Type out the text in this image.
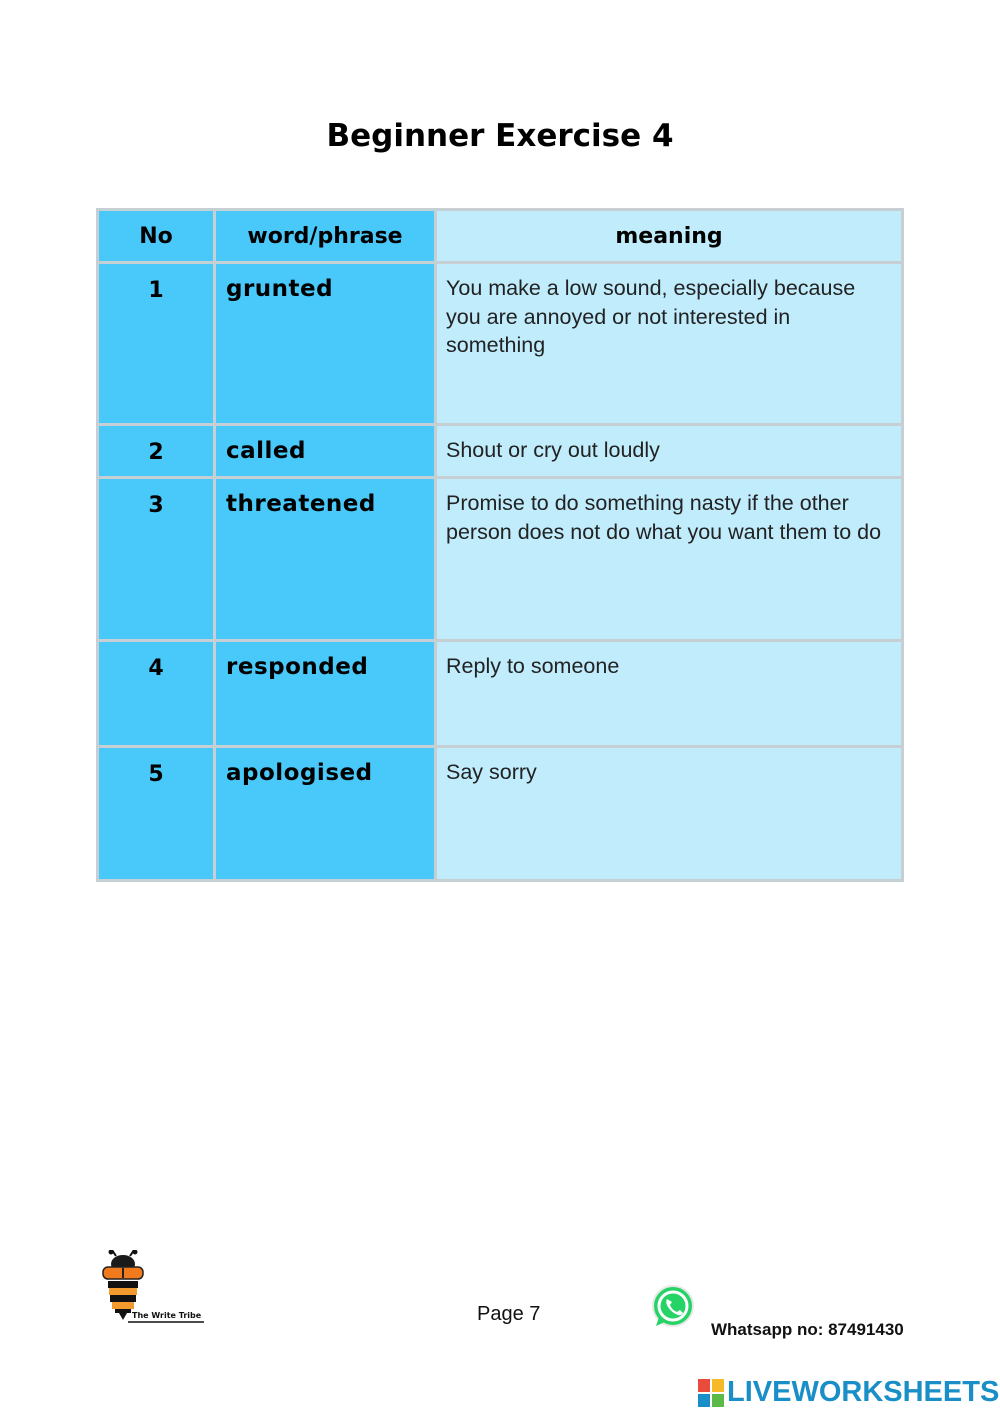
Beginner Exercise 4
No	word/phrase	meaning

1	grunted	You make a low sound, especially because you are annoyed or not interested in something

2	called	Shout or cry out loudly

3	threatened	Promise to do something nasty if the other person does not do what you want them to do

4	responded	Reply to someone

5	apologised	Say sorry
The Write Tribe	Page 7
Whatsapp no: 87491430
LIVEWORKSHEETS
